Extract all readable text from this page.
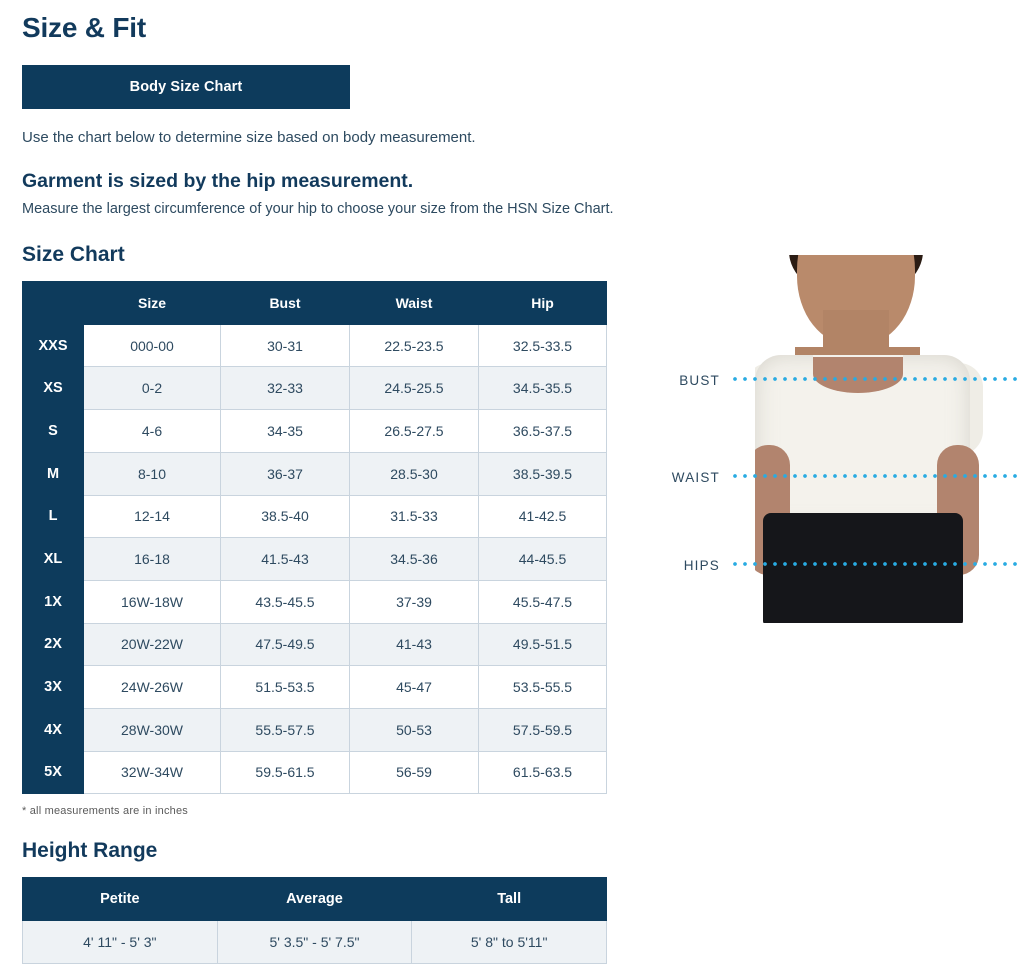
Size & Fit
Body Size Chart
Use the chart below to determine size based on body measurement.
Garment is sized by the hip measurement.
Measure the largest circumference of your hip to choose your size from the HSN Size Chart.
Size Chart
	Size	Bust	Waist	Hip
XXS	000-00	30-31	22.5-23.5	32.5-33.5
XS	0-2	32-33	24.5-25.5	34.5-35.5
S	4-6	34-35	26.5-27.5	36.5-37.5
M	8-10	36-37	28.5-30	38.5-39.5
L	12-14	38.5-40	31.5-33	41-42.5
XL	16-18	41.5-43	34.5-36	44-45.5
1X	16W-18W	43.5-45.5	37-39	45.5-47.5
2X	20W-22W	47.5-49.5	41-43	49.5-51.5
3X	24W-26W	51.5-53.5	45-47	53.5-55.5
4X	28W-30W	55.5-57.5	50-53	57.5-59.5
5X	32W-34W	59.5-61.5	56-59	61.5-63.5
* all measurements are in inches
Height Range
Petite	Average	Tall
4' 11" - 5' 3"	5' 3.5" - 5' 7.5"	5' 8" to 5'11"
BUST
WAIST
HIPS
